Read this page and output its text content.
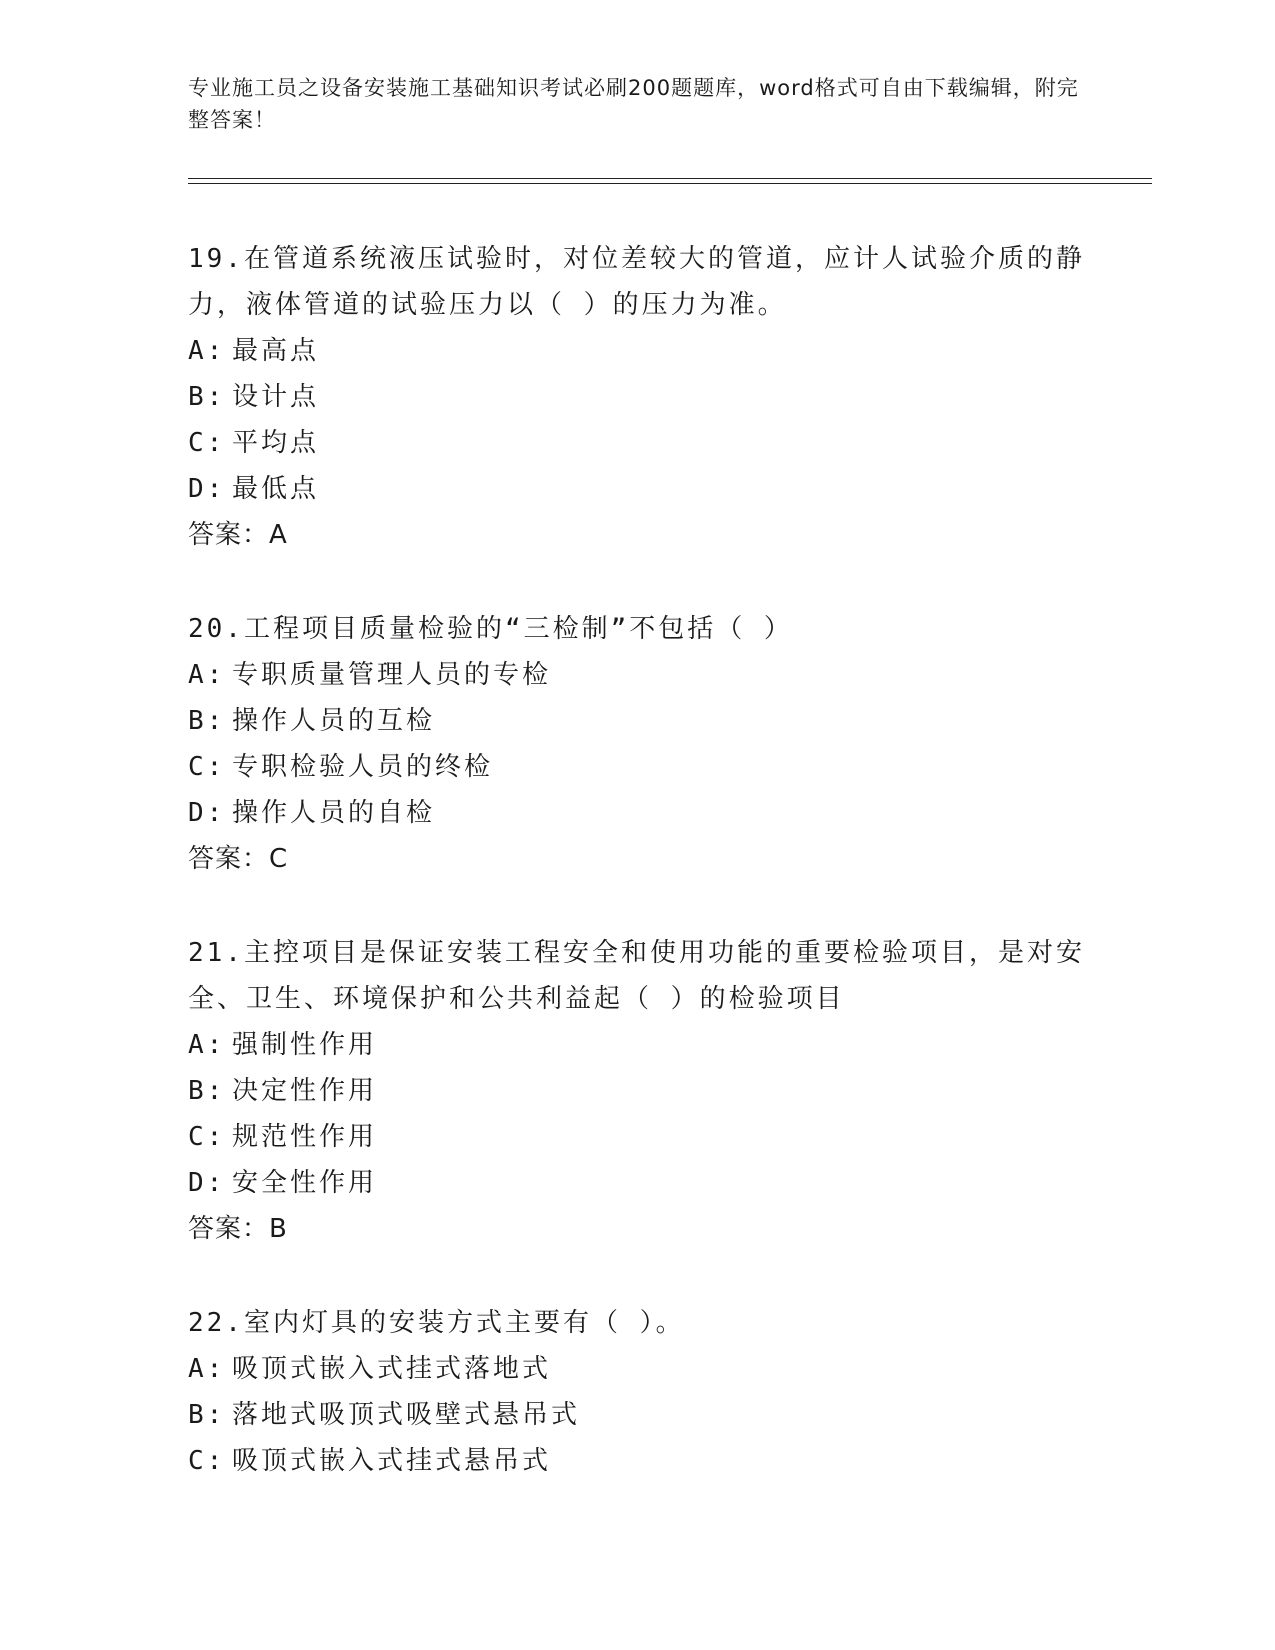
专业施工员之设备安装施工基础知识考试必刷200题题库，word格式可自由下载编辑，附完整答案！

19.在管道系统液压试验时，对位差较大的管道，应计人试验介质的静力，液体管道的试验压力以（ ）的压力为准。

A: 最高点

B: 设计点

C: 平均点

D: 最低点

答案：A

20.工程项目质量检验的“三检制”不包括（ ）

A: 专职质量管理人员的专检

B: 操作人员的互检

C: 专职检验人员的终检

D: 操作人员的自检

答案：C

21.主控项目是保证安装工程安全和使用功能的重要检验项目，是对安全、卫生、环境保护和公共利益起（ ）的检验项目

A: 强制性作用

B: 决定性作用

C: 规范性作用

D: 安全性作用

答案：B

22.室内灯具的安装方式主要有（ ）。

A: 吸顶式嵌入式挂式落地式

B: 落地式吸顶式吸壁式悬吊式

C: 吸顶式嵌入式挂式悬吊式
